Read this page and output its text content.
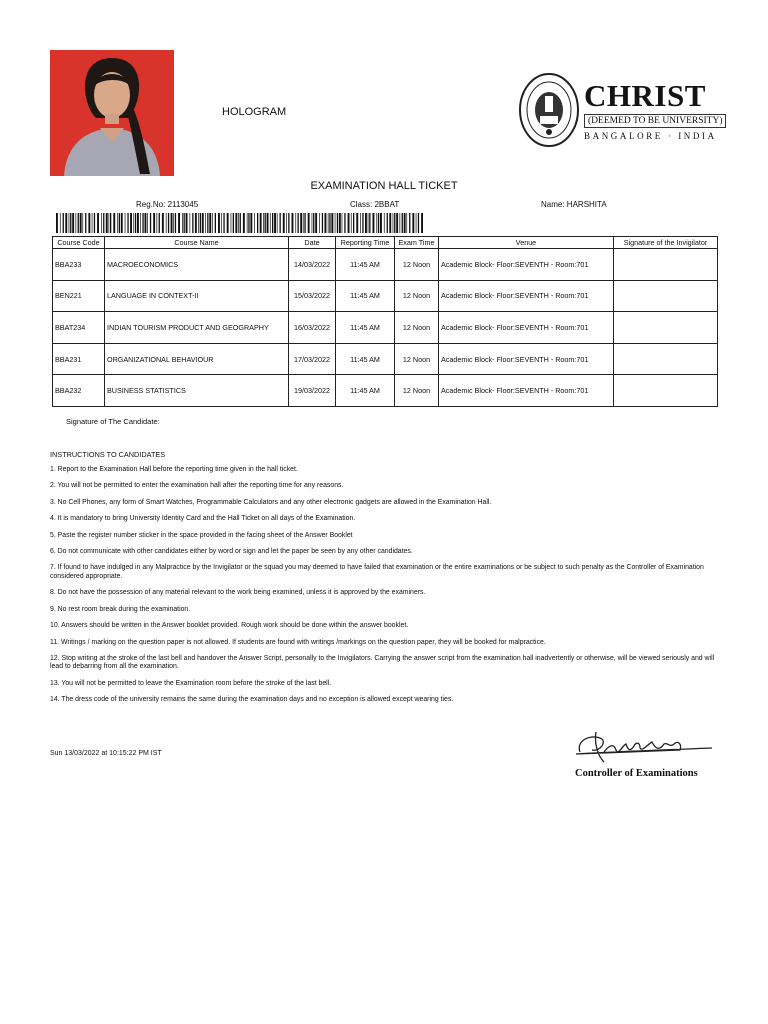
HOLOGRAM	CHRIST
(DEEMED TO BE UNIVERSITY)
BANGALORE · INDIA
EXAMINATION HALL TICKET
Reg.No: 2113045	Class: 2BBAT	Name: HARSHITA
Course Code	Course Name	Date	Reporting Time	Exam Time	Venue	Signature of the Invigilator
BBA233	MACROECONOMICS	14/03/2022	11:45 AM	12 Noon	Academic Block- Floor:SEVENTH - Room:701	
BEN221	LANGUAGE IN CONTEXT-II	15/03/2022	11:45 AM	12 Noon	Academic Block- Floor:SEVENTH - Room:701	
BBAT234	INDIAN TOURISM PRODUCT AND GEOGRAPHY	16/03/2022	11:45 AM	12 Noon	Academic Block- Floor:SEVENTH - Room:701	
BBA231	ORGANIZATIONAL BEHAVIOUR	17/03/2022	11:45 AM	12 Noon	Academic Block- Floor:SEVENTH - Room:701	
BBA232	BUSINESS STATISTICS	19/03/2022	11:45 AM	12 Noon	Academic Block- Floor:SEVENTH - Room:701	
Signature of The Candidate:
INSTRUCTIONS TO CANDIDATES
1. Report to the Examination Hall before the reporting time given in the hall ticket.
2. You will not be permitted to enter the examination hall after the reporting time for any reasons.
3. No Cell Phones, any form of Smart Watches, Programmable Calculators and any other electronic gadgets are allowed in the Examination Hall.
4. It is mandatory to bring University Identity Card and the Hall Ticket on all days of the Examination.
5. Paste the register number sticker in the space provided in the facing sheet of the Answer Booklet
6. Do not communicate with other candidates either by word or sign and let the paper be seen by any other candidates.
7. If found to have indulged in any Malpractice by the Invigilator or the squad you may deemed to have failed that examination or the entire examinations or be subject to such penalty as the Controller of Examination considered appropriate.
8. Do not have the possession of any material relevant to the work being examined, unless it is approved by the examiners.
9. No rest room break during the examination.
10. Answers should be written in the Answer booklet provided. Rough work should be done within the answer booklet.
11. Writings / marking on the question paper is not allowed. If students are found with writings /markings on the question paper, they will be booked for malpractice.
12. Stop writing at the stroke of the last bell and handover the Answer Script, personally to the Invigilators. Carrying the answer script from the examination hall inadvertently or otherwise, will be viewed seriously and will lead to debarring from all the examination.
13. You will not be permitted to leave the Examination room before the stroke of the last bell.
14. The dress code of the university remains the same during the examination days and no exception is allowed except wearing ties.
Sun 13/03/2022 at 10:15:22 PM IST
Controller of Examinations
